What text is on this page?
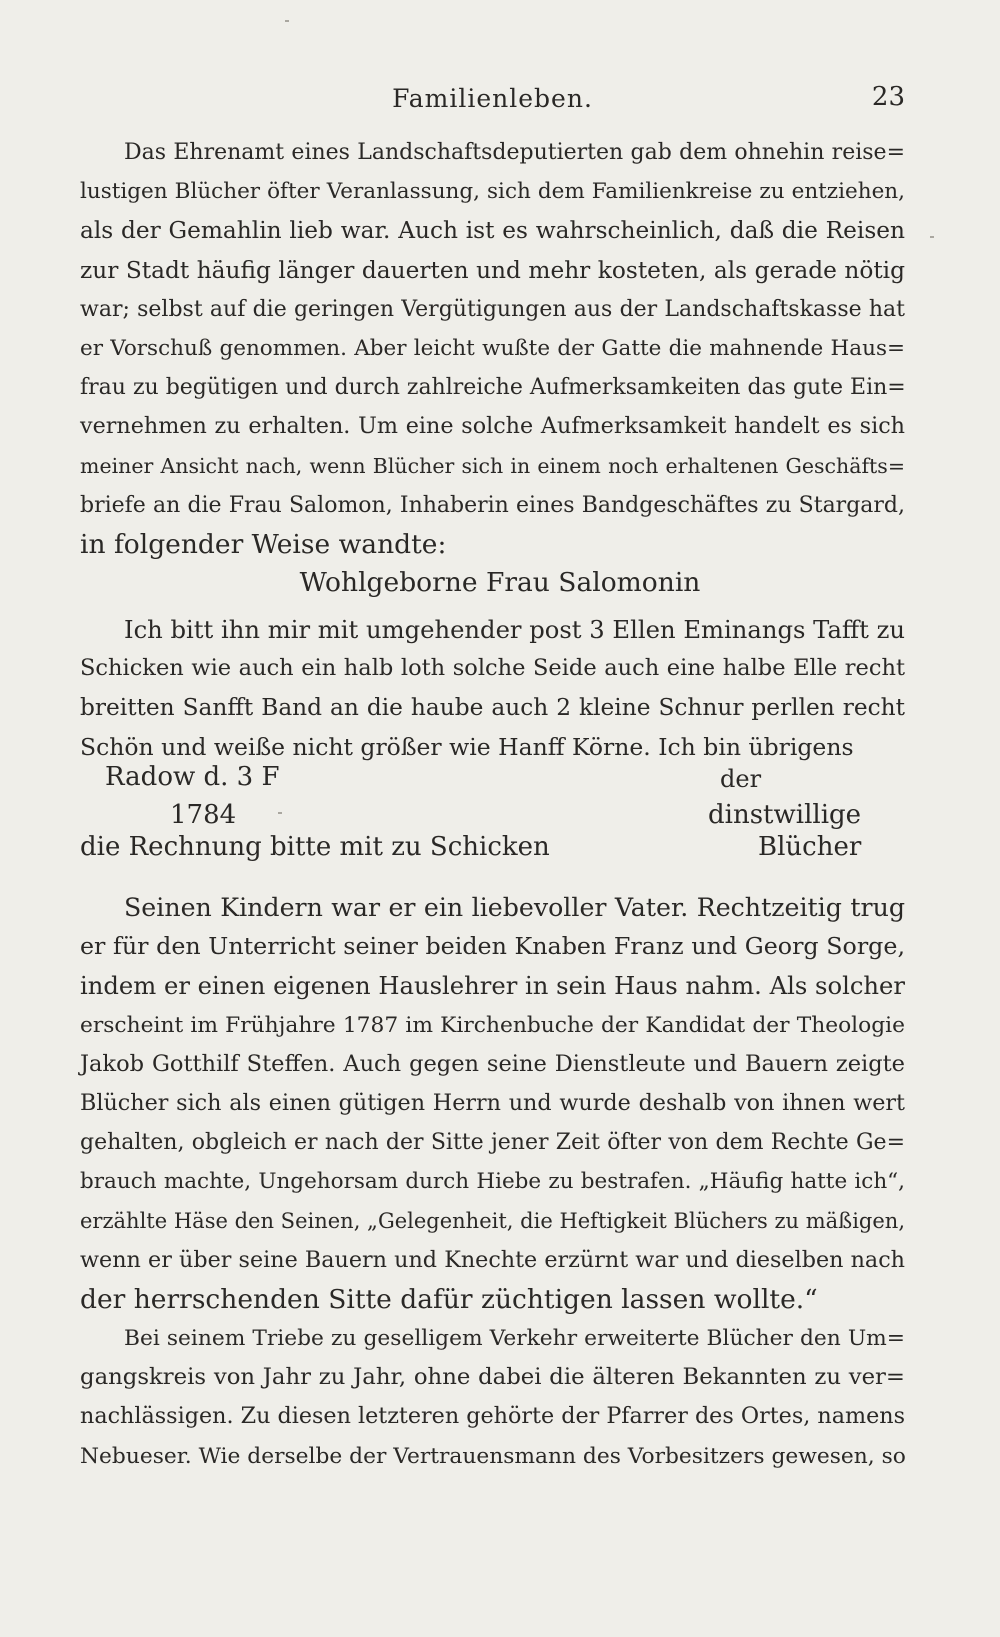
Familienleben.	23
Das Ehrenamt eines Landschaftsdeputierten gab dem ohnehin reise=
lustigen Blücher öfter Veranlassung, sich dem Familienkreise zu entziehen,
als der Gemahlin lieb war. Auch ist es wahrscheinlich, daß die Reisen
zur Stadt häufig länger dauerten und mehr kosteten, als gerade nötig
war; selbst auf die geringen Vergütigungen aus der Landschaftskasse hat
er Vorschuß genommen. Aber leicht wußte der Gatte die mahnende Haus=
frau zu begütigen und durch zahlreiche Aufmerksamkeiten das gute Ein=
vernehmen zu erhalten. Um eine solche Aufmerksamkeit handelt es sich
meiner Ansicht nach, wenn Blücher sich in einem noch erhaltenen Geschäfts=
briefe an die Frau Salomon, Inhaberin eines Bandgeschäftes zu Stargard,
in folgender Weise wandte:
Wohlgeborne Frau Salomonin
Ich bitt ihn mir mit umgehender post 3 Ellen Eminangs Tafft zu
Schicken wie auch ein halb loth solche Seide auch eine halbe Elle recht
breitten Sanfft Band an die haube auch 2 kleine Schnur perllen recht
Schön und weiße nicht größer wie Hanff Körne. Ich bin übrigens
Radow d. 3 F	der
1784	dinstwillige
die Rechnung bitte mit zu Schicken	Blücher
Seinen Kindern war er ein liebevoller Vater. Rechtzeitig trug
er für den Unterricht seiner beiden Knaben Franz und Georg Sorge,
indem er einen eigenen Hauslehrer in sein Haus nahm. Als solcher
erscheint im Frühjahre 1787 im Kirchenbuche der Kandidat der Theologie
Jakob Gotthilf Steffen. Auch gegen seine Dienstleute und Bauern zeigte
Blücher sich als einen gütigen Herrn und wurde deshalb von ihnen wert
gehalten, obgleich er nach der Sitte jener Zeit öfter von dem Rechte Ge=
brauch machte, Ungehorsam durch Hiebe zu bestrafen. „Häufig hatte ich“,
erzählte Häse den Seinen, „Gelegenheit, die Heftigkeit Blüchers zu mäßigen,
wenn er über seine Bauern und Knechte erzürnt war und dieselben nach
der herrschenden Sitte dafür züchtigen lassen wollte.“
Bei seinem Triebe zu geselligem Verkehr erweiterte Blücher den Um=
gangskreis von Jahr zu Jahr, ohne dabei die älteren Bekannten zu ver=
nachlässigen. Zu diesen letzteren gehörte der Pfarrer des Ortes, namens
Nebueser. Wie derselbe der Vertrauensmann des Vorbesitzers gewesen, so
